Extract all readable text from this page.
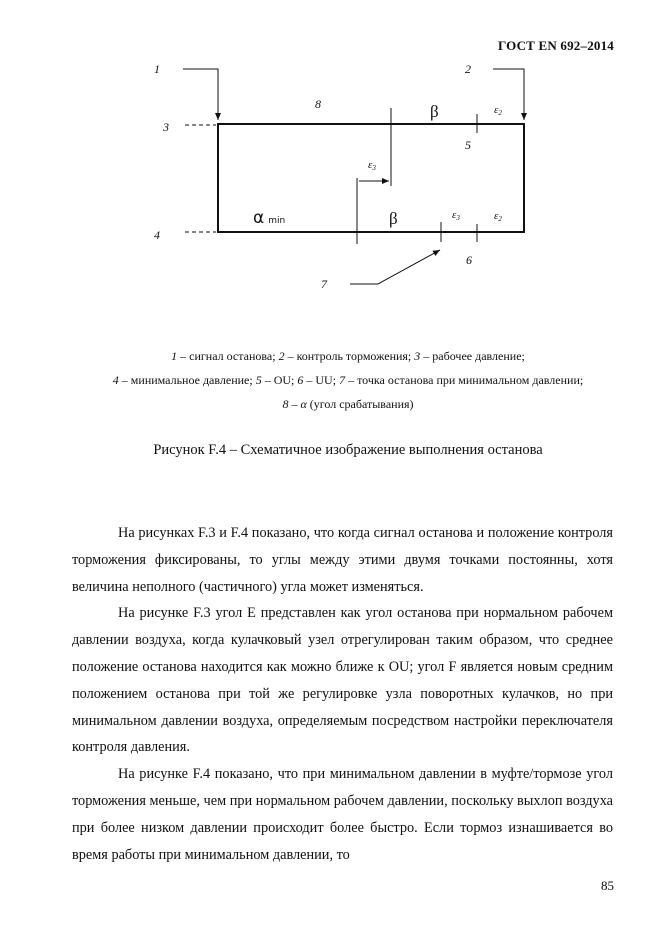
ГОСТ EN 692–2014
1	2
3
4
5
6
7
8	β
β
ε2
ε2
ε3
ε3
αmin
1 – сигнал останова; 2 – контроль торможения; 3 – рабочее давление;
4 – минимальное давление; 5 – OU; 6 – UU; 7 – точка останова при минимальном давлении;
8 – α (угол срабатывания)
Рисунок F.4 – Схематичное изображение выполнения останова

На рисунках F.3 и F.4 показано, что когда сигнал останова и положение контроля торможения фиксированы, то углы между этими двумя точками постоянны, хотя величина неполного (частичного) угла может изменяться.

На рисунке F.3 угол E представлен как угол останова при нормальном рабочем давлении воздуха, когда кулачковый узел отрегулирован таким образом, что среднее положение останова находится как можно ближе к OU; угол F является новым средним положением останова при той же регулировке узла поворотных кулачков, но при минимальном давлении воздуха, определяемым посредством настройки переключателя контроля давления.

На рисунке F.4 показано, что при минимальном давлении в муфте/тормозе угол торможения меньше, чем при нормальном рабочем давлении, поскольку выхлоп воздуха при более низком давлении происходит более быстро. Если тормоз изнашивается во время работы при минимальном давлении, то

85
